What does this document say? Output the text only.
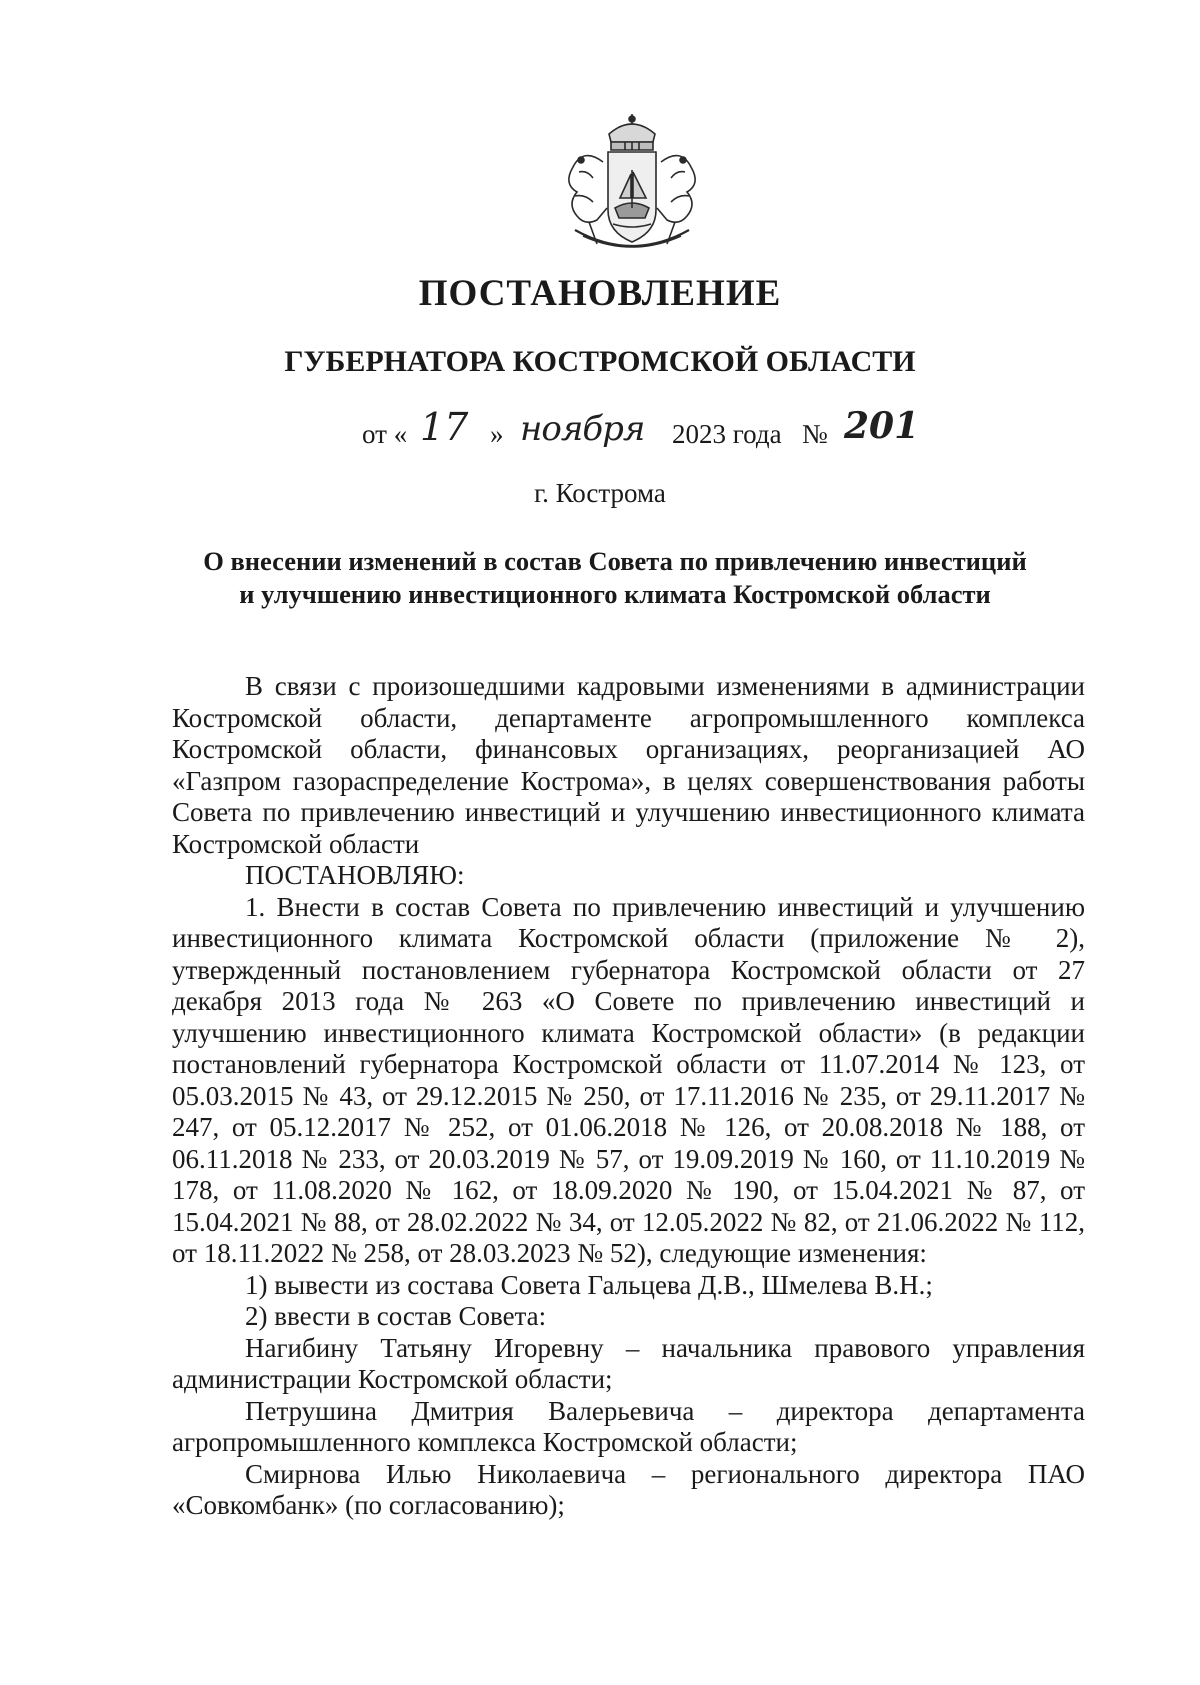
ПОСТАНОВЛЕНИЕ
ГУБЕРНАТОРА КОСТРОМСКОЙ ОБЛАСТИ
от « 17 » ноября 2023 года № 201

г. Кострома

О внесении изменений в состав Совета по привлечению инвестиций
и улучшению инвестиционного климата Костромской области

В связи с произошедшими кадровыми изменениями в администрации Костромской области, департаменте агропромышленного комплекса Костромской области, финансовых организациях, реорганизацией АО «Газпром газораспределение Кострома», в целях совершенствования работы Совета по привлечению инвестиций и улучшению инвестиционного климата Костромской области

ПОСТАНОВЛЯЮ:

1. Внести в состав Совета по привлечению инвестиций и улучшению инвестиционного климата Костромской области (приложение № 2), утвержденный постановлением губернатора Костромской области от 27 декабря 2013 года № 263 «О Совете по привлечению инвестиций и улучшению инвестиционного климата Костромской области» (в редакции постановлений губернатора Костромской области от 11.07.2014 № 123, от 05.03.2015 № 43, от 29.12.2015 № 250, от 17.11.2016 № 235, от 29.11.2017 № 247, от 05.12.2017 № 252, от 01.06.2018 № 126, от 20.08.2018 № 188, от 06.11.2018 № 233, от 20.03.2019 № 57, от 19.09.2019 № 160, от 11.10.2019 № 178, от 11.08.2020 № 162, от 18.09.2020 № 190, от 15.04.2021 № 87, от 15.04.2021 № 88, от 28.02.2022 № 34, от 12.05.2022 № 82, от 21.06.2022 № 112, от 18.11.2022 № 258, от 28.03.2023 № 52), следующие изменения:

1) вывести из состава Совета Гальцева Д.В., Шмелева В.Н.;

2) ввести в состав Совета:

Нагибину Татьяну Игоревну – начальника правового управления администрации Костромской области;

Петрушина Дмитрия Валерьевича – директора департамента агропромышленного комплекса Костромской области;

Смирнова Илью Николаевича – регионального директора ПАО «Совкомбанк» (по согласованию);
